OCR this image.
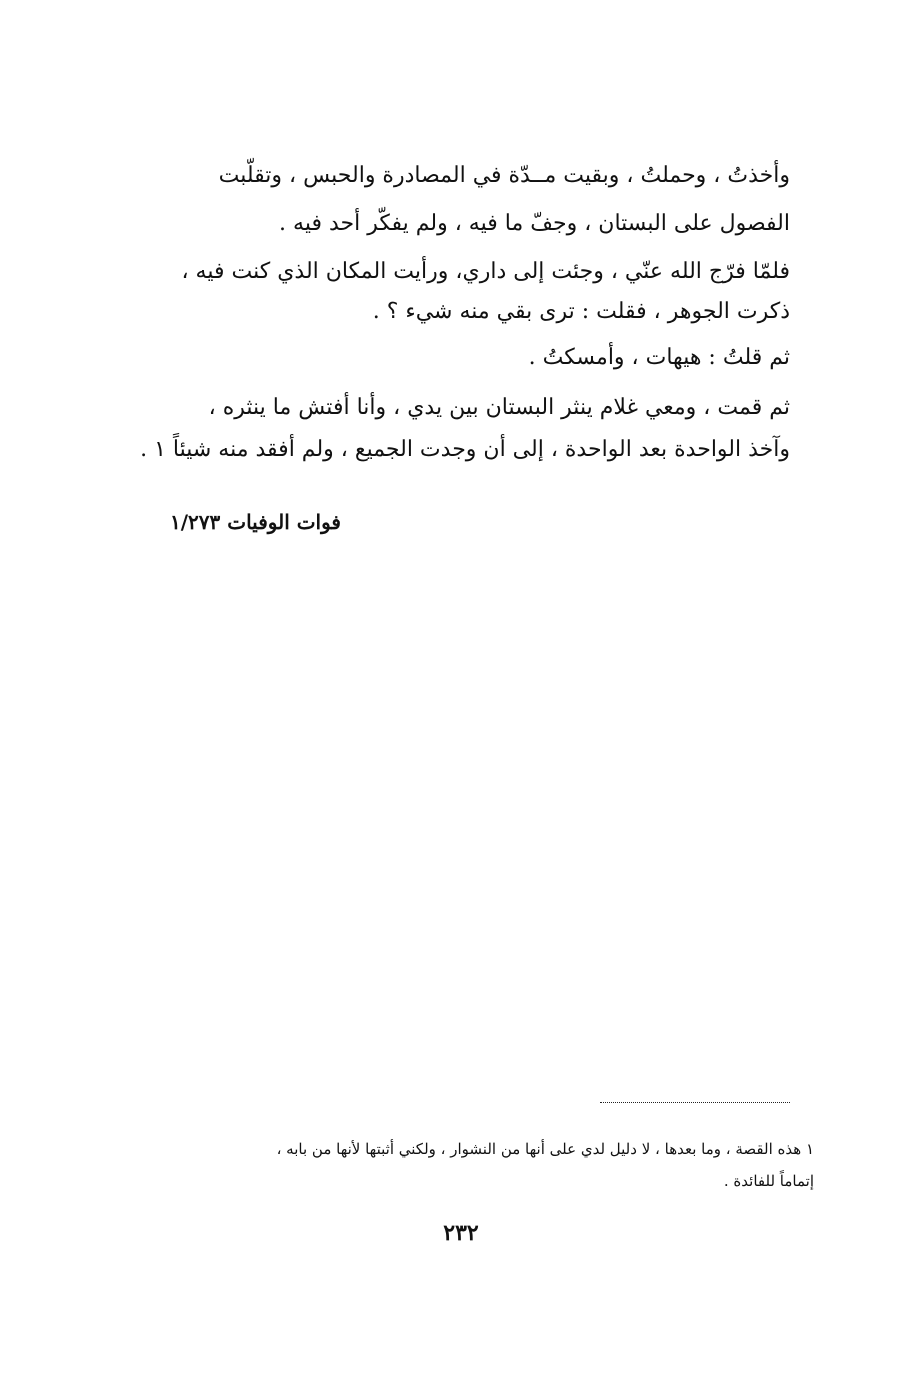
وأخذتُ ، وحملتُ ، وبقيت مــدّة في المصادرة والحبس ، وتقلّبت
الفصول على البستان ، وجفّ ما فيه ، ولم يفكّر أحد فيه .
فلمّا فرّج الله عنّي ، وجئت إلى داري، ورأيت المكان الذي كنت فيه ،
ذكرت الجوهر ، فقلت : ترى بقي منه شيء ؟ .
ثم قلتُ : هيهات ، وأمسكتُ .
ثم قمت ، ومعي غلام ينثر البستان بين يدي ، وأنا أفتش ما ينثره ،
وآخذ الواحدة بعد الواحدة ، إلى أن وجدت الجميع ، ولم أفقد منه شيئاً ١ .
فوات الوفيات ١/٢٧٣
١ هذه القصة ، وما بعدها ، لا دليل لدي على أنها من النشوار ، ولكني أثبتها لأنها من بابه ،
إتماماً للفائدة .
٢٣٢
